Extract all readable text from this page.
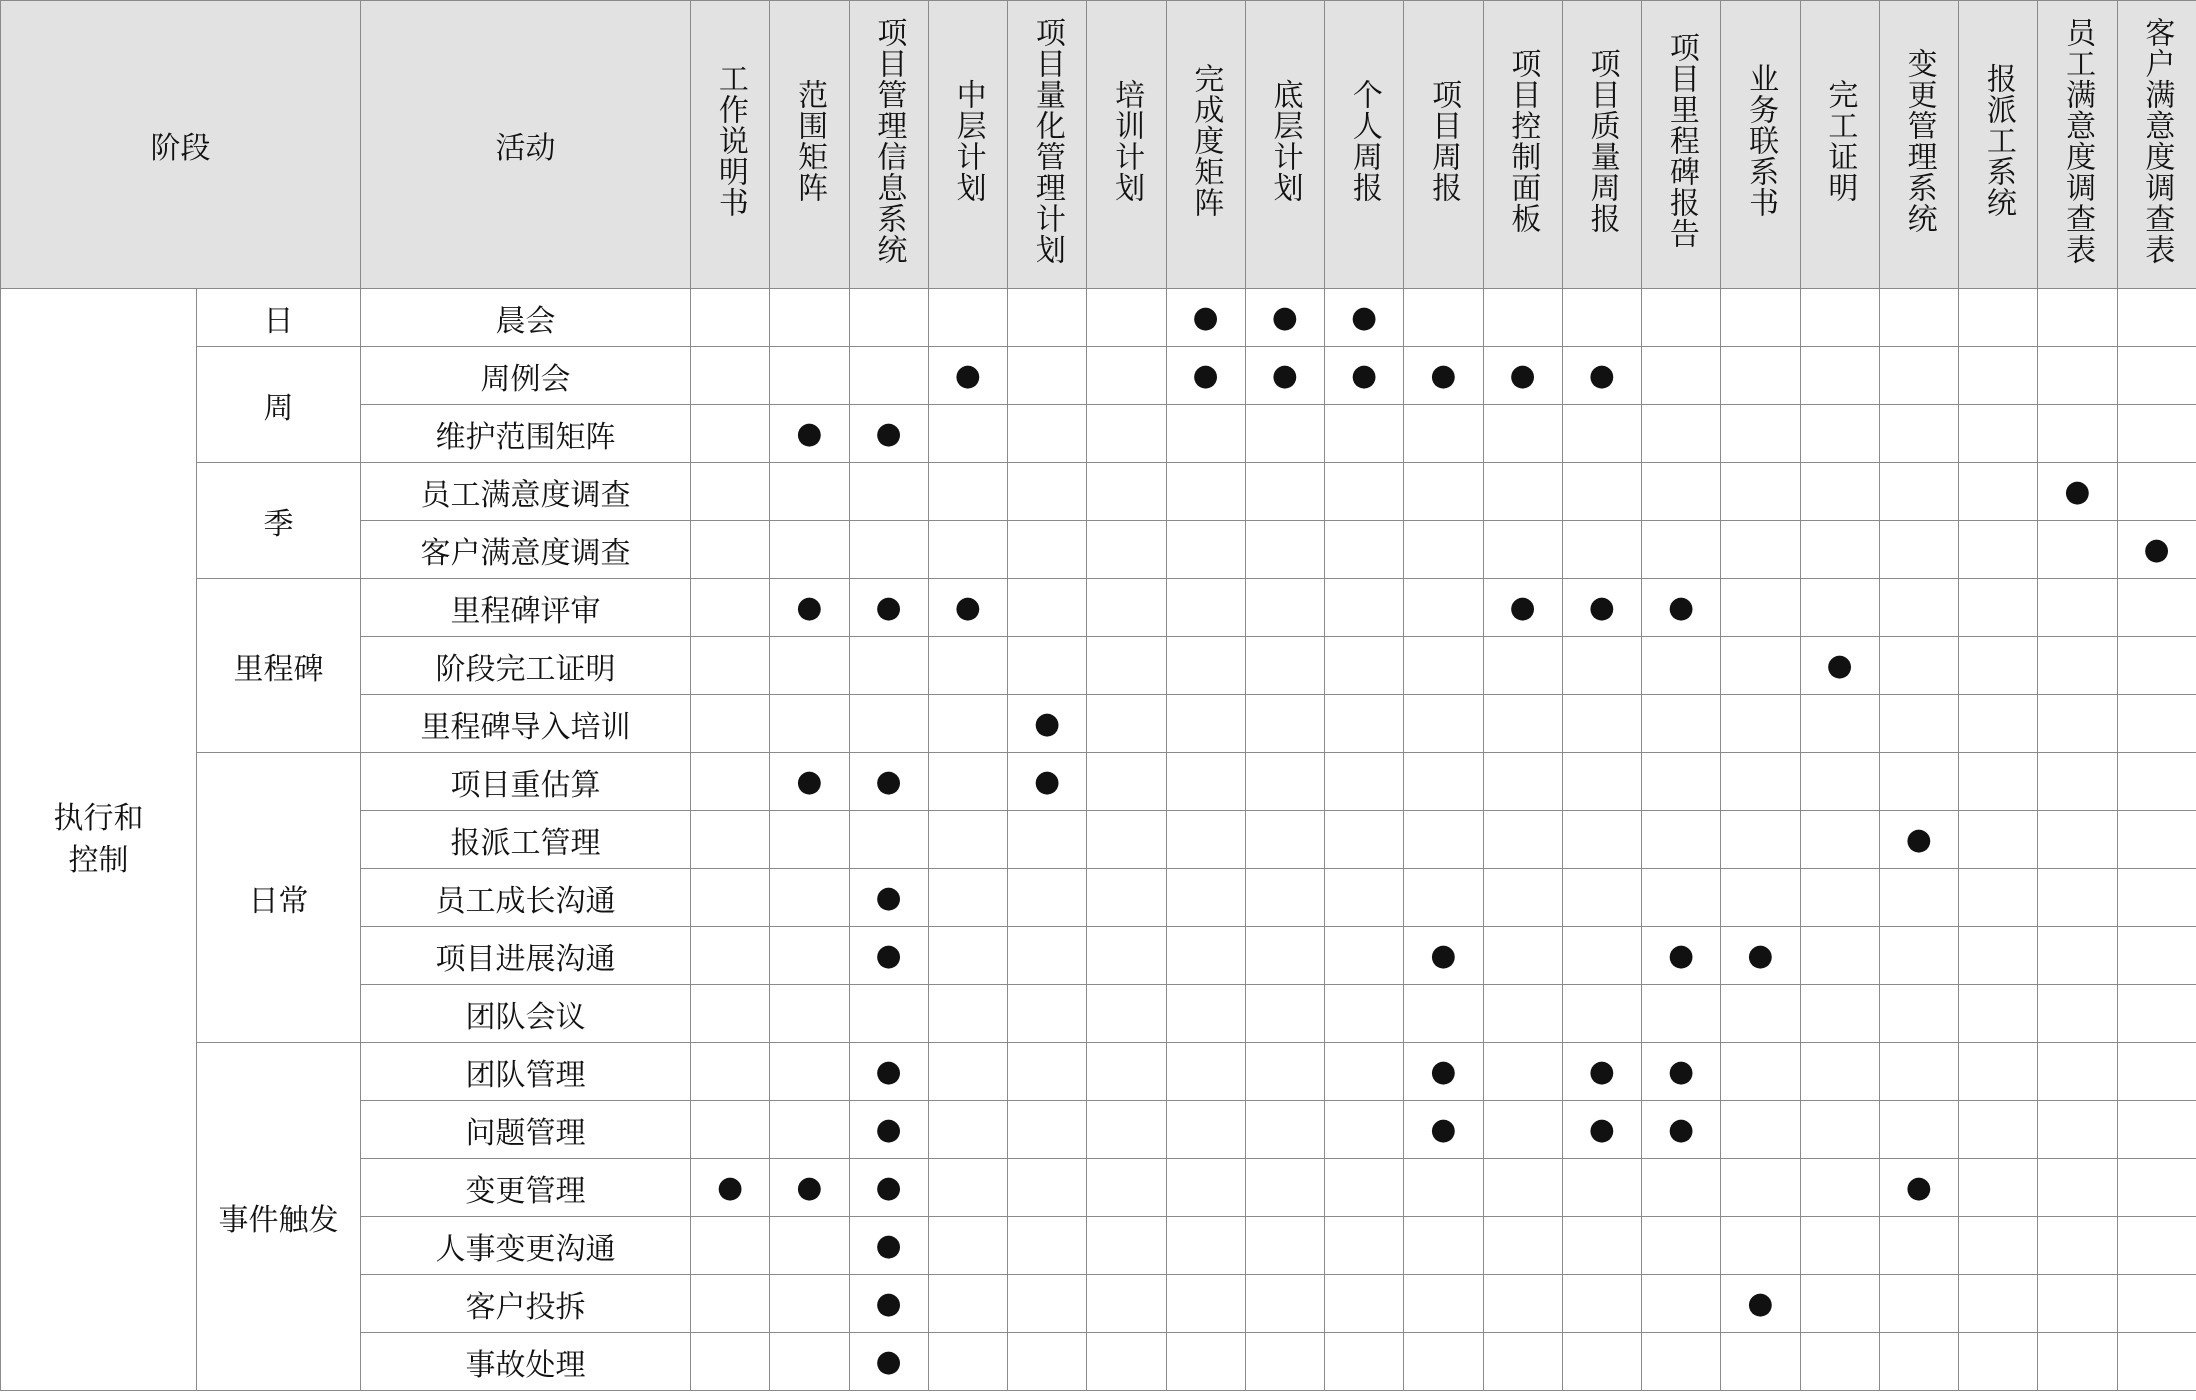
阶段		活动	工作说明书	范围矩阵	项目管理信息系统	中层计划	项目量化管理计划	培训计划	完成度矩阵	底层计划	个人周报	项目周报	项目控制面板	项目质量周报	项目里程碑报告	业务联系书	完工证明	变更管理系统	报派工系统	员工满意度调查表	客户满意度调查表
执行和
控制	日	晨会							●	●	●										
	周	周例会				●			●	●	●	●	●	●							
		维护范围矩阵		●	●																
	季	员工满意度调查																		●	
		客户满意度调查																			●
	里程碑	里程碑评审		●	●	●							●	●	●						
		阶段完工证明															●				
		里程碑导入培训					●														
	日常	项目重估算		●	●		●														
		报派工管理																●			
		员工成长沟通			●																
		项目进展沟通			●							●			●	●					
		团队会议																			
	事件触发	团队管理			●							●		●	●						
		问题管理			●							●		●	●						
		变更管理	●	●	●													●			
		人事变更沟通			●																
		客户投拆			●											●					
		事故处理			●																
